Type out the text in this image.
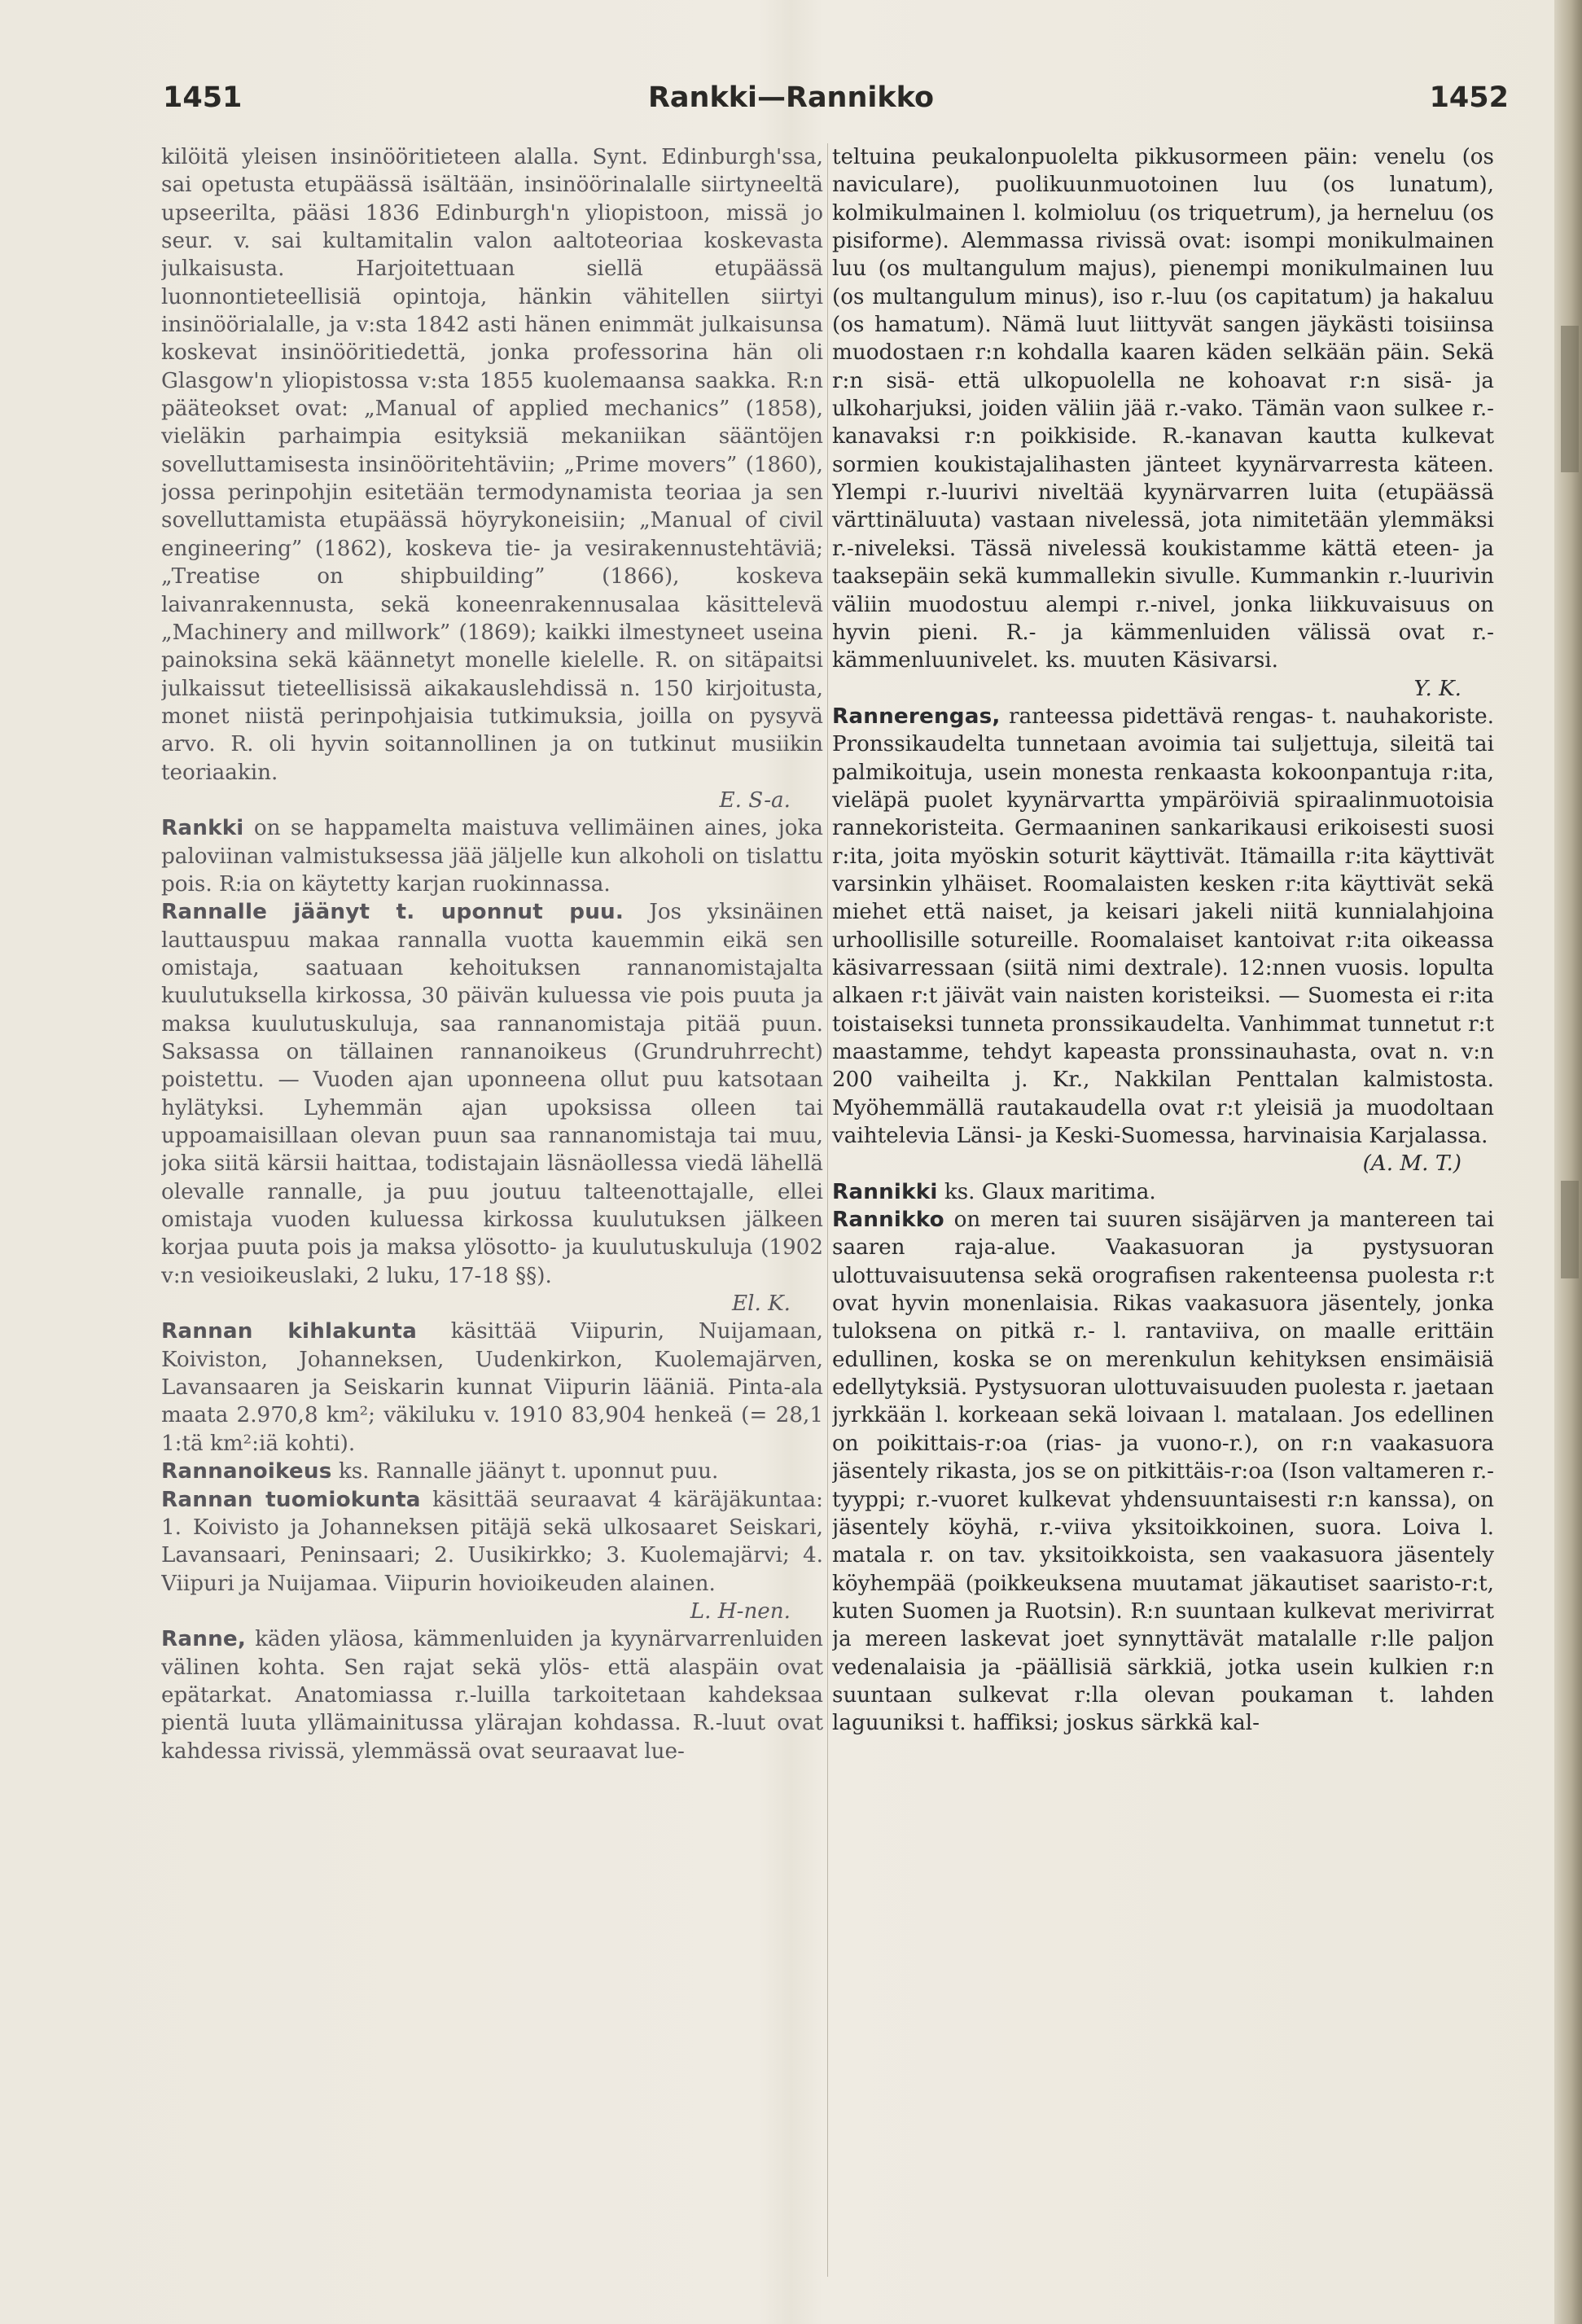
Rankki—Rannikko
1451	1452

kilöitä yleisen insinööritieteen alalla. Synt. Edinburgh'ssa, sai opetusta etupäässä isältään, insinöörinalalle siirtyneeltä upseerilta, pääsi 1836 Edinburgh'n yliopistoon, missä jo seur. v. sai kultamitalin valon aaltoteoriaa koskevasta julkaisusta. Harjoitettuaan siellä etupäässä luonnontieteellisiä opintoja, hänkin vähitellen siirtyi insinöörialalle, ja v:sta 1842 asti hänen enimmät julkaisunsa koskevat insinööritiedettä, jonka professorina hän oli Glasgow'n yliopistossa v:sta 1855 kuolemaansa saakka. R:n pääteokset ovat: „Manual of applied mechanics” (1858), vieläkin parhaimpia esityksiä mekaniikan sääntöjen sovelluttamisesta insinööritehtäviin; „Prime movers” (1860), jossa perinpohjin esitetään termodynamista teoriaa ja sen sovelluttamista etupäässä höyrykoneisiin; „Manual of civil engineering” (1862), koskeva tie- ja vesirakennustehtäviä; „Treatise on shipbuilding” (1866), koskeva laivanrakennusta, sekä koneenrakennusalaa käsittelevä „Machinery and millwork” (1869); kaikki ilmestyneet useina painoksina sekä käännetyt monelle kielelle. R. on sitäpaitsi julkaissut tieteellisissä aikakauslehdissä n. 150 kirjoitusta, monet niistä perinpohjaisia tutkimuksia, joilla on pysyvä arvo. R. oli hyvin soitannollinen ja on tutkinut musiikin teoriaakin.

E. S-a.

Rankki on se happamelta maistuva vellimäinen aines, joka paloviinan valmistuksessa jää jäljelle kun alkoholi on tislattu pois. R:ia on käytetty karjan ruokinnassa.

Rannalle jäänyt t. uponnut puu. Jos yksinäinen lauttauspuu makaa rannalla vuotta kauemmin eikä sen omistaja, saatuaan kehoituksen rannanomistajalta kuulutuksella kirkossa, 30 päivän kuluessa vie pois puuta ja maksa kuulutuskuluja, saa rannanomistaja pitää puun. Saksassa on tällainen rannanoikeus (Grundruhrrecht) poistettu. — Vuoden ajan uponneena ollut puu katsotaan hylätyksi. Lyhemmän ajan upoksissa olleen tai uppoamaisillaan olevan puun saa rannanomistaja tai muu, joka siitä kärsii haittaa, todistajain läsnäollessa viedä lähellä olevalle rannalle, ja puu joutuu talteenottajalle, ellei omistaja vuoden kuluessa kirkossa kuulutuksen jälkeen korjaa puuta pois ja maksa ylösotto- ja kuulutuskuluja (1902 v:n vesioikeuslaki, 2 luku, 17-18 §§).

El. K.

Rannan kihlakunta käsittää Viipurin, Nuijamaan, Koiviston, Johanneksen, Uudenkirkon, Kuolemajärven, Lavansaaren ja Seiskarin kunnat Viipurin lääniä. Pinta-ala maata 2.970,8 km²; väkiluku v. 1910 83,904 henkeä (= 28,1 1:tä km²:iä kohti).

Rannanoikeus ks. Rannalle jäänyt t. uponnut puu.

Rannan tuomiokunta käsittää seuraavat 4 käräjäkuntaa: 1. Koivisto ja Johanneksen pitäjä sekä ulkosaaret Seiskari, Lavansaari, Peninsaari; 2. Uusikirkko; 3. Kuolemajärvi; 4. Viipuri ja Nuijamaa. Viipurin hovioikeuden alainen.

L. H-nen.

Ranne, käden yläosa, kämmenluiden ja kyynärvarrenluiden välinen kohta. Sen rajat sekä ylös- että alaspäin ovat epätarkat. Anatomiassa r.-luilla tarkoitetaan kahdeksaa pientä luuta yllämainitussa ylärajan kohdassa. R.-luut ovat kahdessa rivissä, ylemmässä ovat seuraavat lue-

teltuina peukalonpuolelta pikkusormeen päin: venelu (os naviculare), puolikuunmuotoinen luu (os lunatum), kolmikulmainen l. kolmioluu (os triquetrum), ja herneluu (os pisiforme). Alemmassa rivissä ovat: isompi monikulmainen luu (os multangulum majus), pienempi monikulmainen luu (os multangulum minus), iso r.-luu (os capitatum) ja hakaluu (os hamatum). Nämä luut liittyvät sangen jäykästi toisiinsa muodostaen r:n kohdalla kaaren käden selkään päin. Sekä r:n sisä- että ulkopuolella ne kohoavat r:n sisä- ja ulkoharjuksi, joiden väliin jää r.-vako. Tämän vaon sulkee r.-kanavaksi r:n poikkiside. R.-kanavan kautta kulkevat sormien koukistajalihasten jänteet kyynärvarresta käteen. Ylempi r.-luurivi niveltää kyynärvarren luita (etupäässä värttinäluuta) vastaan nivelessä, jota nimitetään ylemmäksi r.-niveleksi. Tässä nivelessä koukistamme kättä eteen- ja taaksepäin sekä kummallekin sivulle. Kummankin r.-luurivin väliin muodostuu alempi r.-nivel, jonka liikkuvaisuus on hyvin pieni. R.- ja kämmenluiden välissä ovat r.-kämmenluunivelet. ks. muuten Käsivarsi.

Y. K.

Rannerengas, ranteessa pidettävä rengas- t. nauhakoriste. Pronssikaudelta tunnetaan avoimia tai suljettuja, sileitä tai palmikoituja, usein monesta renkaasta kokoonpantuja r:ita, vieläpä puolet kyynärvartta ympäröiviä spiraalinmuotoisia rannekoristeita. Germaaninen sankarikausi erikoisesti suosi r:ita, joita myöskin soturit käyttivät. Itämailla r:ita käyttivät varsinkin ylhäiset. Roomalaisten kesken r:ita käyttivät sekä miehet että naiset, ja keisari jakeli niitä kunnialahjoina urhoollisille sotureille. Roomalaiset kantoivat r:ita oikeassa käsivarressaan (siitä nimi dextrale). 12:nnen vuosis. lopulta alkaen r:t jäivät vain naisten koristeiksi. — Suomesta ei r:ita toistaiseksi tunneta pronssikaudelta. Vanhimmat tunnetut r:t maastamme, tehdyt kapeasta pronssinauhasta, ovat n. v:n 200 vaiheilta j. Kr., Nakkilan Penttalan kalmistosta. Myöhemmällä rautakaudella ovat r:t yleisiä ja muodoltaan vaihtelevia Länsi- ja Keski-Suomessa, harvinaisia Karjalassa.

(A. M. T.)

Rannikki ks. Glaux maritima.

Rannikko on meren tai suuren sisäjärven ja mantereen tai saaren raja-alue. Vaakasuoran ja pystysuoran ulottuvaisuutensa sekä orografisen rakenteensa puolesta r:t ovat hyvin monenlaisia. Rikas vaakasuora jäsentely, jonka tuloksena on pitkä r.- l. rantaviiva, on maalle erittäin edullinen, koska se on merenkulun kehityksen ensimäisiä edellytyksiä. Pystysuoran ulottuvaisuuden puolesta r. jaetaan jyrkkään l. korkeaan sekä loivaan l. matalaan. Jos edellinen on poikittais-r:oa (rias- ja vuono-r.), on r:n vaakasuora jäsentely rikasta, jos se on pitkittäis-r:oa (Ison valtameren r.-tyyppi; r.-vuoret kulkevat yhdensuuntaisesti r:n kanssa), on jäsentely köyhä, r.-viiva yksitoikkoinen, suora. Loiva l. matala r. on tav. yksitoikkoista, sen vaakasuora jäsentely köyhempää (poikkeuksena muutamat jäkautiset saaristo-r:t, kuten Suomen ja Ruotsin). R:n suuntaan kulkevat merivirrat ja mereen laskevat joet synnyttävät matalalle r:lle paljon vedenalaisia ja -päällisiä särkkiä, jotka usein kulkien r:n suuntaan sulkevat r:lla olevan poukaman t. lahden laguuniksi t. haffiksi; joskus särkkä kal-
